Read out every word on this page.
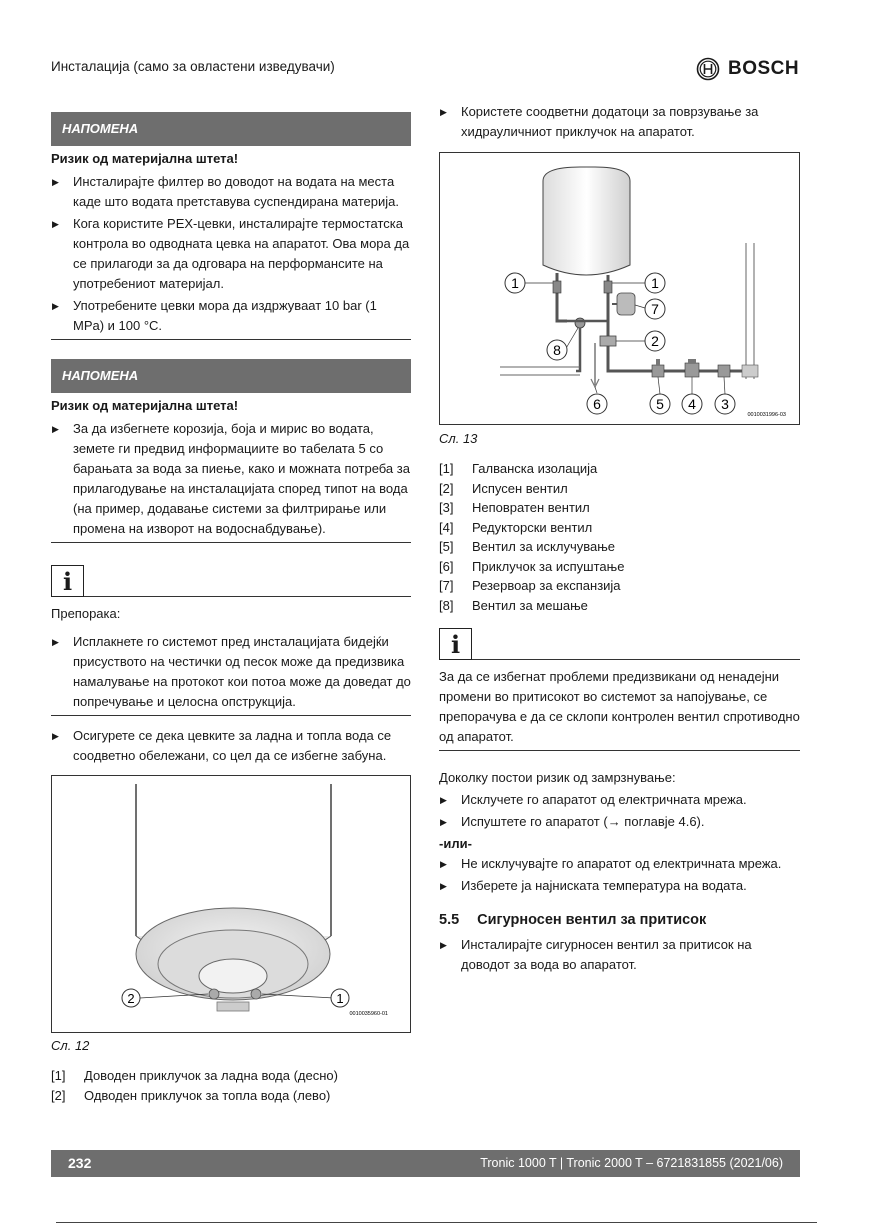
Инсталација (само за овластени изведувачи)	BOSCH
НАПОМЕНА
Ризик од материјална штета!
▶ Инсталирајте филтер во доводот на водата на места каде што водата претставува суспендирана материја.
▶ Кога користите PEX-цевки, инсталирајте термостатска контрола во одводната цевка на апаратот. Ова мора да се прилагоди за да одговара на перформансите на употребениот материјал.
▶ Употребените цевки мора да издржуваат 10 bar (1 MPa) и 100 °C.
НАПОМЕНА
Ризик од материјална штета!
▶ За да избегнете корозија, боја и мирис во водата, земете ги предвид информациите во табелата 5 со барањата за вода за пиење, како и можната потреба за прилагодување на инсталацијата според типот на вода (на пример, додавање системи за филтрирање или промена на изворот на водоснабдување).
i
Препорака:
▶ Исплакнете го системот пред инсталацијата бидејќи присуството на честички од песок може да предизвика намалување на протокот кои потоа може да доведат до попречување и целосна опструкција.
▶ Осигурете се дека цевките за ладна и топла вода се соодветно обележани, со цел да се избегне забуна.
2	1
0010035960-01
Сл. 12
[1] Доводен приклучок за ладна вода (десно)
[2] Одводен приклучок за топла вода (лево)
▶ Користете соодветни додатоци за поврзување за хидрауличниот приклучок на апаратот.
1	1
7
2
8
6	5 4 3
0010031996-03
Сл. 13
[1] Галванска изолација
[2] Испусен вентил
[3] Неповратен вентил
[4] Редукторски вентил
[5] Вентил за исклучување
[6] Приклучок за испуштање
[7] Резервоар за експанзија
[8] Вентил за мешање
i
За да се избегнат проблеми предизвикани од ненадејни промени во притисокот во системот за напојување, се препорачува е да се склопи контролен вентил спротиводно од апаратот.
Доколку постои ризик од замрзнување:
▶ Исклучете го апаратот од електричната мрежа.
▶ Испуштете го апаратот (→ поглавје 4.6).
-или-
▶ Не исклучувајте го апаратот од електричната мрежа.
▶ Изберете ја најниската температура на водата.
5.5 Сигурносен вентил за притисок
▶ Инсталирајте сигурносен вентил за притисок на доводот за вода во апаратот.
232	Tronic 1000 T | Tronic 2000 T – 6721831855 (2021/06)
